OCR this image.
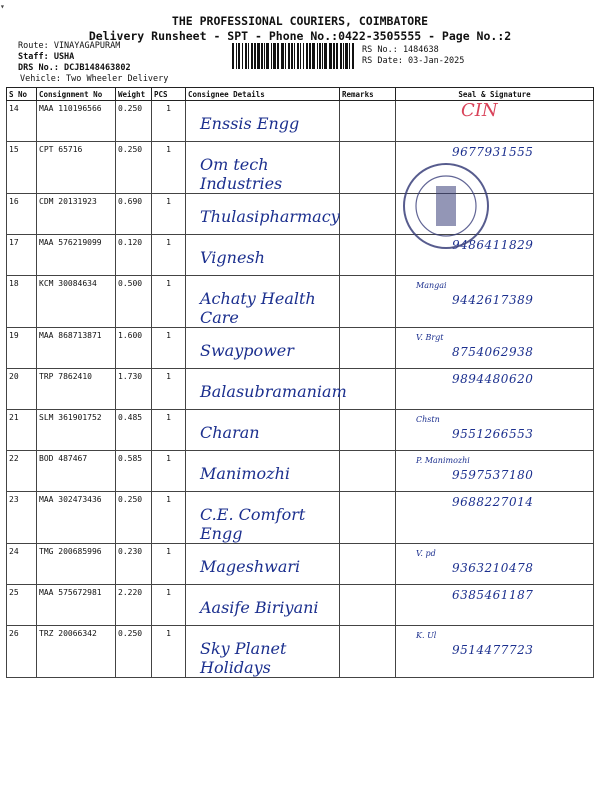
THE PROFESSIONAL COURIERS, COIMBATORE
Delivery Runsheet - SPT - Phone No.:0422-3505555 - Page No.:2
Route: VINAYAGAPURAM
Staff: USHA
DRS No.: DCJB148463802
Vehicle: Two Wheeler Delivery
RS No.: 1484638
RS Date: 03-Jan-2025
▾
S No	Consignment No	Weight	PCS	Consignee Details	Remarks	Seal & Signature
14	MAA 110196566	0.250	1	Enssis Engg		CIN

15	CPT 65716	0.250	1	Om tech Industries		9677931555

16	CDM 20131923	0.690	1	Thulasipharmacy		

17	MAA 576219099	0.120	1	Vignesh		9486411829

18	KCM 30084634	0.500	1	Achaty Health Care		Mangai
9442617389

19	MAA 868713871	1.600	1	Swaypower		V. Brgt
8754062938

20	TRP 7862410	1.730	1	Balasubramaniam		9894480620

21	SLM 361901752	0.485	1	Charan		Chstn
9551266553

22	BOD 487467	0.585	1	Manimozhi		P. Manimozhi
9597537180

23	MAA 302473436	0.250	1	C.E. Comfort Engg		9688227014

24	TMG 200685996	0.230	1	Mageshwari		V. pd
9363210478

25	MAA 575672981	2.220	1	Aasife Biriyani		6385461187

26	TRZ 20066342	0.250	1	Sky Planet Holidays		K. Ul
9514477723
